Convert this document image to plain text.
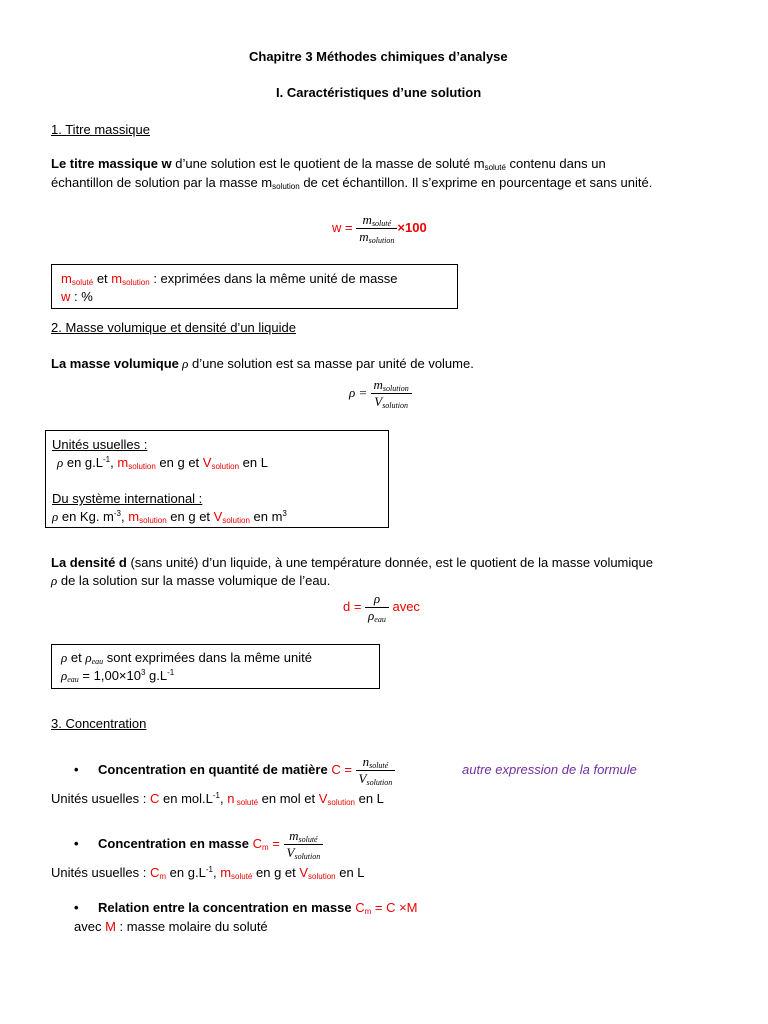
Chapitre 3 Méthodes chimiques d’analyse
I. Caractéristiques d’une solution
1. Titre massique
Le titre massique w d’une solution est le quotient de la masse de soluté $m_{soluté}$ contenu dans un
échantillon de solution par la masse $m_{solution}$ de cet échantillon. Il s’exprime en pourcentage et sans unité.
$w = \frac{m_{soluté}}{m_{solution}} \times 100$
$m_{soluté}$ et $m_{solution}$ : exprimées dans la même unité de masse
w : %
2. Masse volumique et densité d’un liquide
La masse volumique ρ d’une solution est sa masse par unité de volume.
$\rho = \frac{m_{solution}}{V_{solution}}$
Unités usuelles :
ρ en $g.L^{-1}$, $m_{solution}$ en g et $V_{solution}$ en L
Du système international :
ρ en Kg. $m^{-3}$, $m_{solution}$ en g et $V_{solution}$ en $m^3$
La densité d (sans unité) d’un liquide, à une température donnée, est le quotient de la masse volumique
ρ de la solution sur la masse volumique de l’eau.
$d = \frac{\rho}{\rho_{eau}}$ avec
ρ et $\rho_{eau}$ sont exprimées dans la même unité
$\rho_{eau} = 1,00\times 10^3$ $g.L^{-1}$
3. Concentration
• Concentration en quantité de matière $C = \frac{n_{soluté}}{V_{solution}}$	autre expression de la formule
Unités usuelles : C en $mol.L^{-1}$, n $_{soluté}$ en mol et $V_{solution}$ en L
• Concentration en masse $C_m = \frac{m_{soluté}}{V_{solution}}$
Unités usuelles : $C_m$ en $g.L^{-1}$, $m_{soluté}$ en g et $V_{solution}$ en L
• Relation entre la concentration en masse $C_m = C \times M$
avec M : masse molaire du soluté
